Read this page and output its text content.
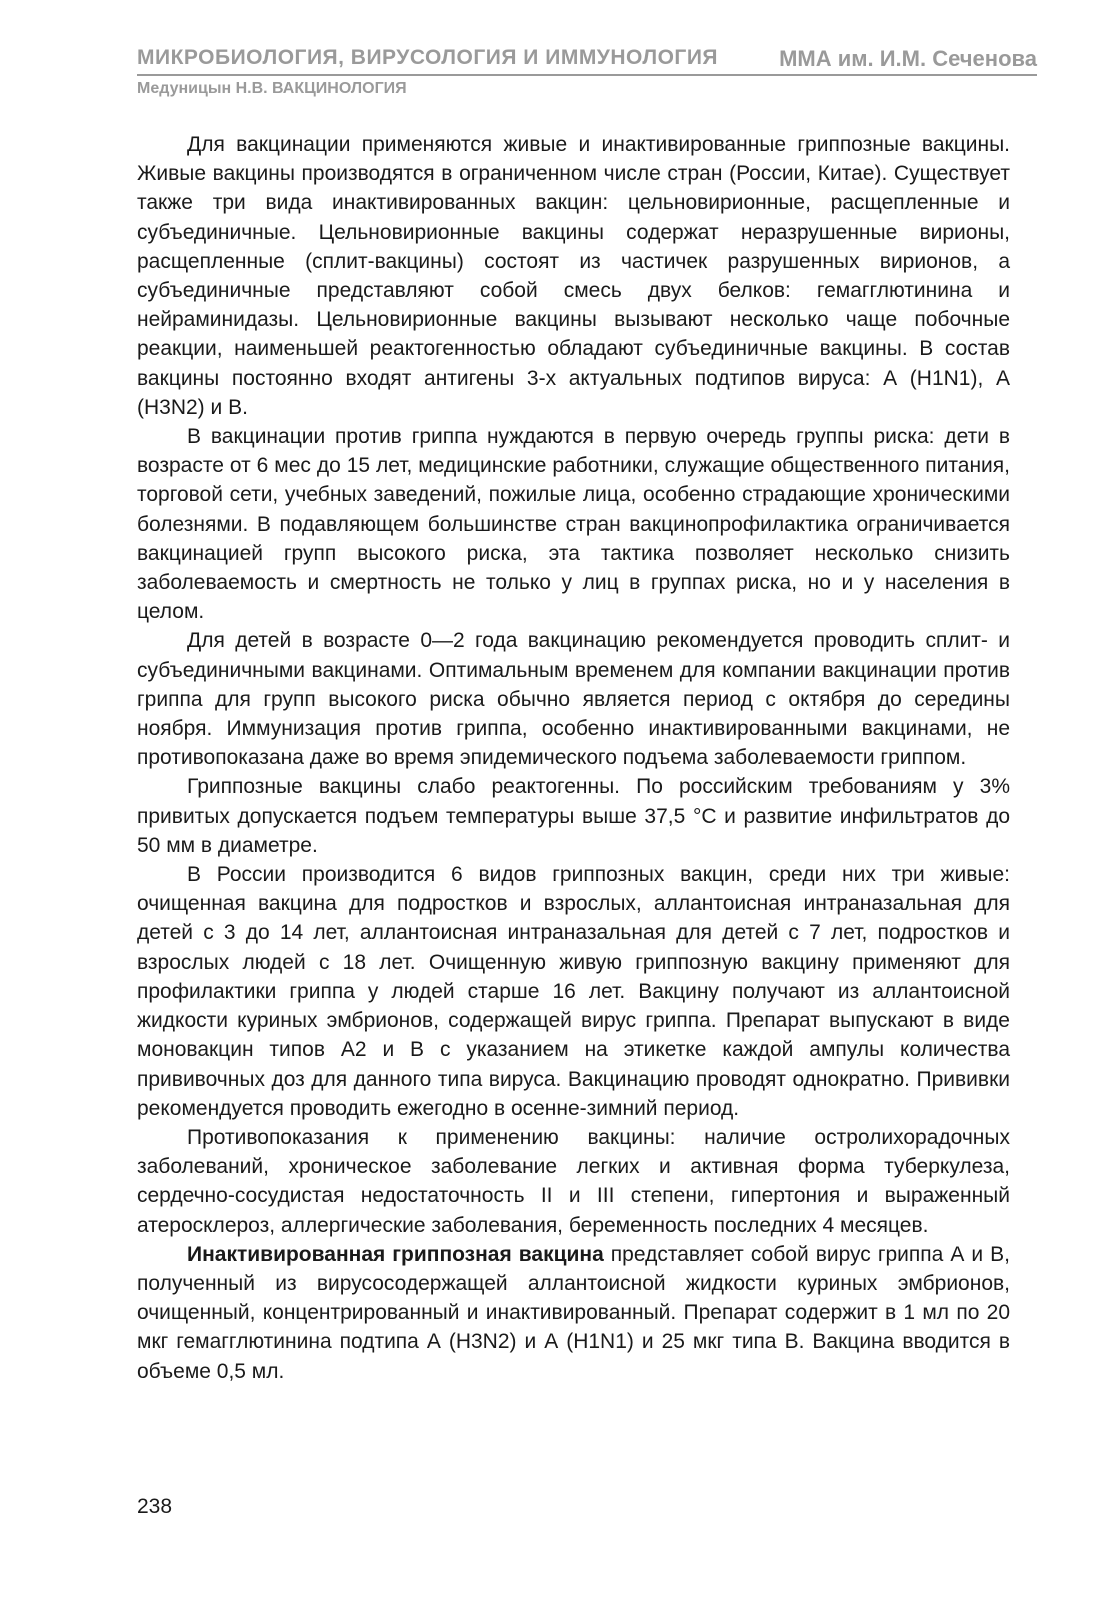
МИКРОБИОЛОГИЯ, ВИРУСОЛОГИЯ И ИММУНОЛОГИЯ	ММА им. И.М. Сеченова
Медуницын Н.В. ВАКЦИНОЛОГИЯ

Для вакцинации применяются живые и инактивированные гриппозные вакцины. Живые вакцины производятся в ограниченном числе стран (России, Китае). Существует также три вида инактивированных вакцин: цельновирионные, расщепленные и субъединичные. Цельновирионные вакцины содержат неразрушенные вирионы, расщепленные (сплит-вакцины) состоят из частичек разрушенных вирионов, а субъединичные представляют собой смесь двух белков: гемагглютинина и нейраминидазы. Цельновирионные вакцины вызывают несколько чаще побочные реакции, наименьшей реактогенностью обладают субъединичные вакцины. В состав вакцины постоянно входят антигены 3-х актуальных подтипов вируса: А (H1N1), А (H3N2) и В.

В вакцинации против гриппа нуждаются в первую очередь группы риска: дети в возрасте от 6 мес до 15 лет, медицинские работники, служащие общественного питания, торговой сети, учебных заведений, пожилые лица, особенно страдающие хроническими болезнями. В подавляющем большинстве стран вакцинопрофилактика ограничивается вакцинацией групп высокого риска, эта тактика позволяет несколько снизить заболеваемость и смертность не только у лиц в группах риска, но и у населения в целом.

Для детей в возрасте 0—2 года вакцинацию рекомендуется проводить сплит- и субъединичными вакцинами. Оптимальным временем для компании вакцинации против гриппа для групп высокого риска обычно является период с октября до середины ноября. Иммунизация против гриппа, особенно инактивированными вакцинами, не противопоказана даже во время эпидемического подъема заболеваемости гриппом.

Гриппозные вакцины слабо реактогенны. По российским требованиям у 3% привитых допускается подъем температуры выше 37,5 °С и развитие инфильтратов до 50 мм в диаметре.

В России производится 6 видов гриппозных вакцин, среди них три живые: очищенная вакцина для подростков и взрослых, аллантоисная интраназальная для детей с 3 до 14 лет, аллантоисная интраназальная для детей с 7 лет, подростков и взрослых людей с 18 лет. Очищенную живую гриппозную вакцину применяют для профилактики гриппа у людей старше 16 лет. Вакцину получают из аллантоисной жидкости куриных эмбрионов, содержащей вирус гриппа. Препарат выпускают в виде моновакцин типов А2 и В с указанием на этикетке каждой ампулы количества прививочных доз для данного типа вируса. Вакцинацию проводят однократно. Прививки рекомендуется проводить ежегодно в осенне-зимний период.

Противопоказания к применению вакцины: наличие остролихорадочных заболеваний, хроническое заболевание легких и активная форма туберкулеза, сердечно-сосудистая недостаточность II и III степени, гипертония и выраженный атеросклероз, аллергические заболевания, беременность последних 4 месяцев.

Инактивированная гриппозная вакцина представляет собой вирус гриппа А и В, полученный из вирусосодержащей аллантоисной жидкости куриных эмбрионов, очищенный, концентрированный и инактивированный. Препарат содержит в 1 мл по 20 мкг гемагглютинина подтипа А (H3N2) и А (H1N1) и 25 мкг типа В. Вакцина вводится в объеме 0,5 мл.

238
